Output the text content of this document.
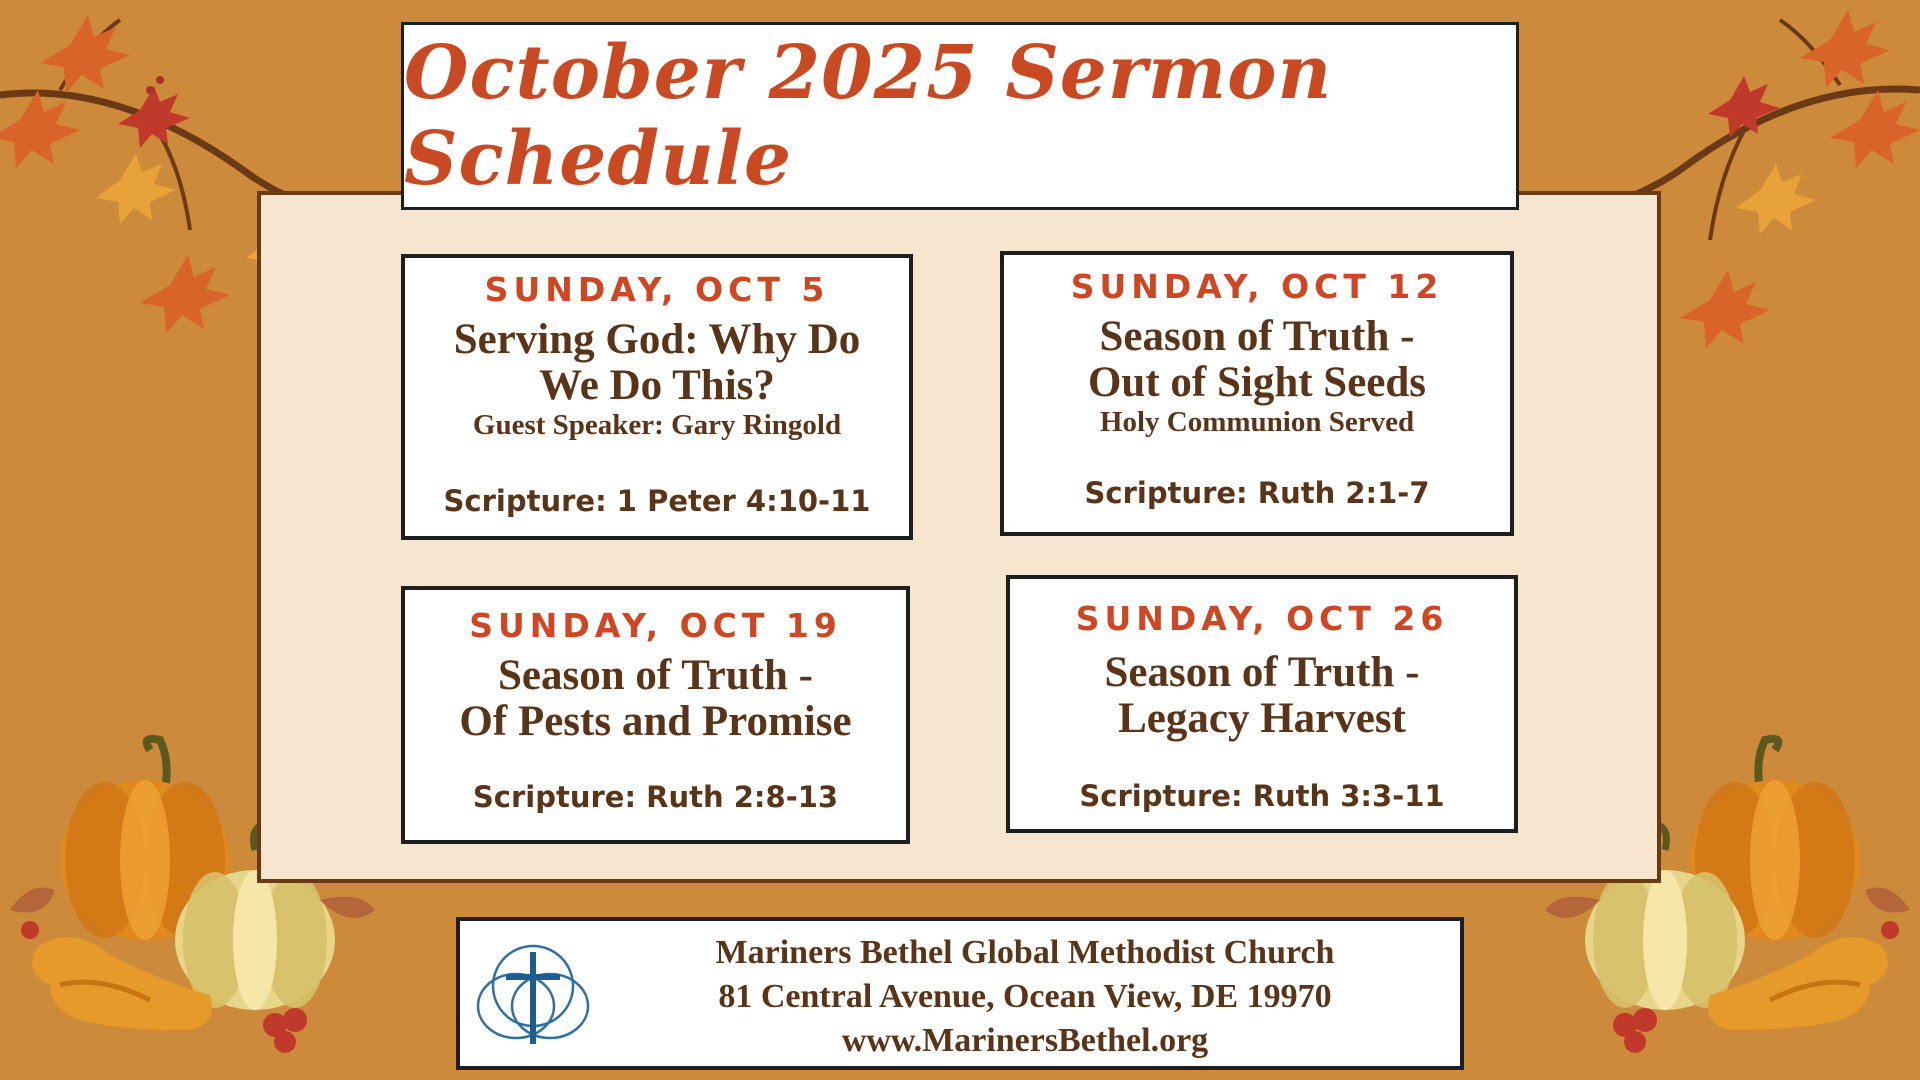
October 2025 Sermon Schedule
SUNDAY, OCT 5
Serving God: Why Do
We Do This?
Guest Speaker: Gary Ringold
Scripture: 1 Peter 4:10-11
SUNDAY, OCT 12
Season of Truth -
Out of Sight Seeds
Holy Communion Served
Scripture: Ruth 2:1-7
SUNDAY, OCT 19
Season of Truth -
Of Pests and Promise
Scripture: Ruth 2:8-13
SUNDAY, OCT 26
Season of Truth -
Legacy Harvest
Scripture: Ruth 3:3-11
Mariners Bethel Global Methodist Church
81 Central Avenue, Ocean View, DE 19970
www.MarinersBethel.org
